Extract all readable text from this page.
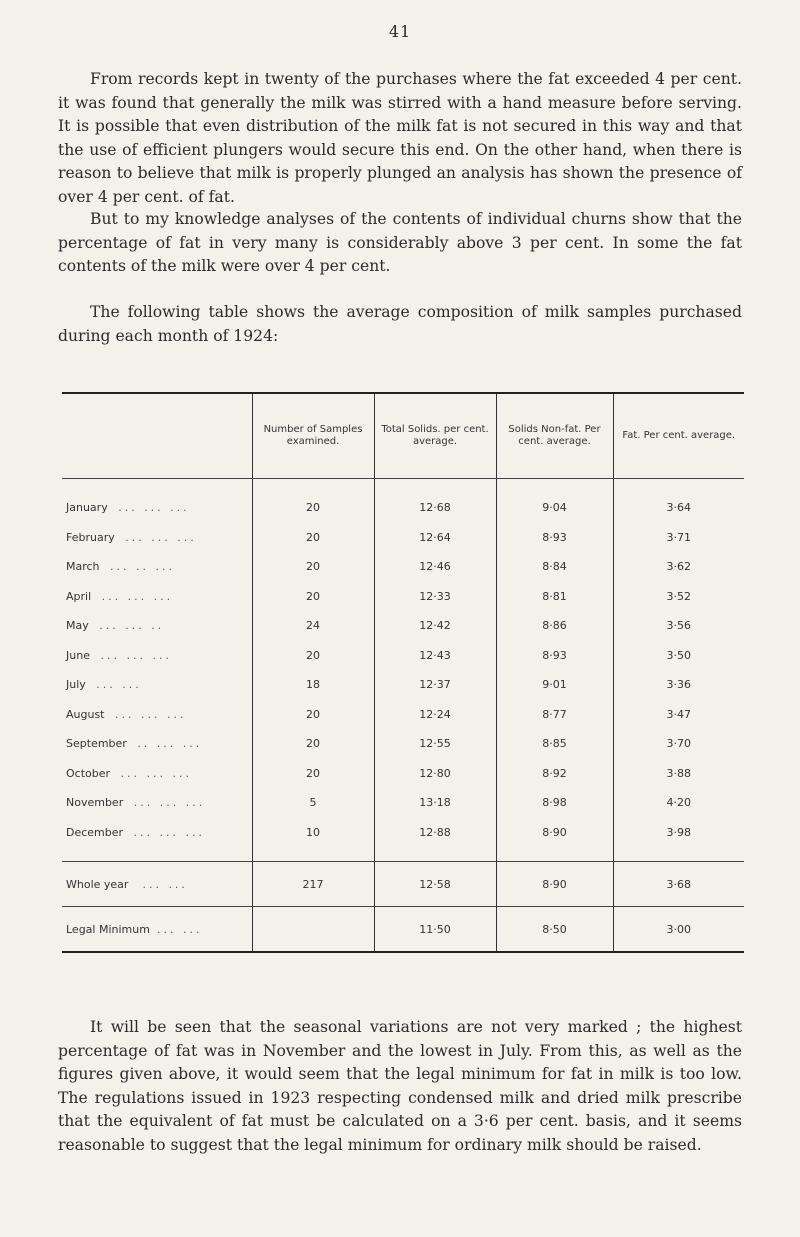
41

From records kept in twenty of the purchases where the fat exceeded 4 per cent. it was found that generally the milk was stirred with a hand measure before serving. It is possible that even distribution of the milk fat is not secured in this way and that the use of efficient plungers would secure this end. On the other hand, when there is reason to believe that milk is properly plunged an analysis has shown the presence of over 4 per cent. of fat.

But to my knowledge analyses of the contents of individual churns show that the percentage of fat in very many is considerably above 3 per cent. In some the fat contents of the milk were over 4 per cent.

The following table shows the average composition of milk samples purchased during each month of 1924:

	Number of Samples examined.	Total Solids. per cent. average.	Solids Non-fat. Per cent. average.	Fat. Per cent. average.

January ... ... ...	20	12·68	9·04	3·64
February ... ... ...	20	12·64	8·93	3·71
March ... .. ...	20	12·46	8·84	3·62
April ... ... ...	20	12·33	8·81	3·52
May ... ... ..	24	12·42	8·86	3·56
June ... ... ...	20	12·43	8·93	3·50
July ... ...	18	12·37	9·01	3·36
August ... ... ...	20	12·24	8·77	3·47
September .. ... ...	20	12·55	8·85	3·70
October ... ... ...	20	12·80	8·92	3·88
November ... ... ...	5	13·18	8·98	4·20
December ... ... ...	10	12·88	8·90	3·98

Whole year ... ...	217	12·58	8·90	3·68
Legal Minimum ... ...		11·50	8·50	3·00

It will be seen that the seasonal variations are not very marked ; the highest percentage of fat was in November and the lowest in July. From this, as well as the figures given above, it would seem that the legal minimum for fat in milk is too low. The regulations issued in 1923 respecting condensed milk and dried milk prescribe that the equivalent of fat must be calculated on a 3·6 per cent. basis, and it seems reasonable to suggest that the legal minimum for ordinary milk should be raised.
